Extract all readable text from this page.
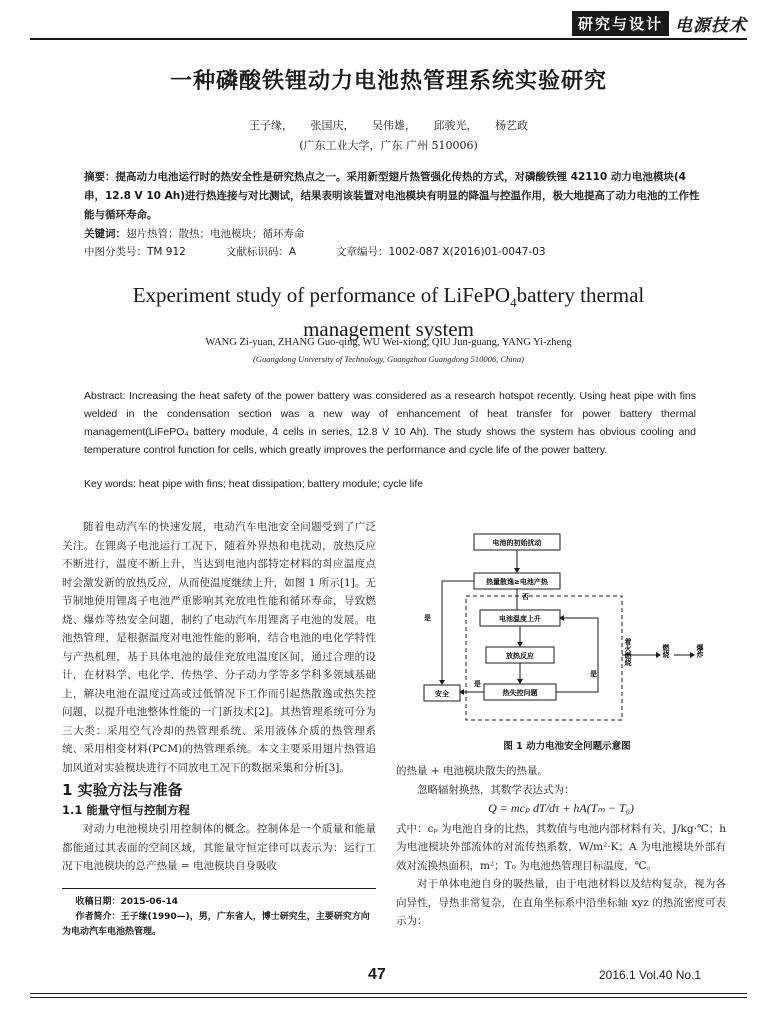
研究与设计 电源技术
一种磷酸铁锂动力电池热管理系统实验研究
王子缘， 张国庆， 吴伟雄， 邱骏光， 杨艺政
(广东工业大学，广东 广州 510006)
摘要：提高动力电池运行时的热安全性是研究热点之一。采用新型翅片热管强化传热的方式，对磷酸铁锂 42110 动力电池模块(4 串，12.8 V 10 Ah)进行热连接与对比测试，结果表明该装置对电池模块有明显的降温与控温作用，极大地提高了动力电池的工作性能与循环寿命。
关键词：翅片热管；散热；电池模块；循环寿命
中图分类号：TM 912	文献标识码：A	文章编号：1002-087 X(2016)01-0047-03
Experiment study of performance of LiFePO$_4$battery thermal
management system
WANG Zi-yuan, ZHANG Guo-qing, WU Wei-xiong, QIU Jun-guang, YANG Yi-zheng
(Guangdong University of Technology, Guangzhou Guangdong 510006, China)
Abstract: Increasing the heat safety of the power battery was considered as a research hotspot recently. Using heat pipe with fins welded in the condensation section was a new way of enhancement of heat transfer for power battery thermal management(LiFePO₄ battery module, 4 cells in series, 12.8 V 10 Ah). The study shows the system has obvious cooling and temperature control function for cells, which greatly improves the performance and cycle life of the power battery.
Key words: heat pipe with fins; heat dissipation; battery module; cycle life

随着电动汽车的快速发展，电动汽车电池安全问题受到了广泛关注。在锂离子电池运行工况下，随着外界热和电扰动，放热反应不断进行，温度不断上升，当达到电池内部特定材料的희应温度点时会激发新的放热反应，从而使温度继续上升，如图 1 所示[1]。无节制地使用锂离子电池严重影响其充放电性能和循环寿命，导致燃烧、爆炸等热安全问题，制约了电动汽车用锂离子电池的发展。电池热管理，是根据温度对电池性能的影响，结合电池的电化学特性与产热机理，基于具体电池的最佳充放电温度区间，通过合理的设计，在材料学、电化学、传热学、分子动力学等多学科多领域基础上，解决电池在温度过高或过低情况下工作而引起热散逸或热失控问题，以提升电池整体性能的一门新技术[2]。其热管理系统可分为三大类：采用空气冷却的热管理系统、采用液体介质的热管理系统、采用相变材料(PCM)的热管理系统。本文主要采用翅片热管追加风道对实验模块进行不同放电工况下的数据采集和分析[3]。

1 实验方法与准备
1.1 能量守恒与控制方程

对动力电池模块引用控制体的概念。控制体是一个质量和能量都能通过其表面的空间区域，其能量守恒定律可以表示为：运行工况下电池模块的总产热量 = 电池模块自身吸收

收稿日期：2015-06-14
作者简介：王子缘(1990—)，男，广东省人，博士研究生，主要研究方向为电动汽车电池热管理。
电池的初始扰动
热量散逸≥电池产热
否
电池温度上升
放热反应
热失控问题
是
是
安全
是
着火燃烧	燃烧	爆炸
图 1 动力电池安全问题示意图

的热量 + 电池模块散失的热量。

忽略辐射换热，其数学表达式为：

Q = mcₚ dT/dτ + hA(Tₘ − T₀)

式中：cₚ 为电池自身的比热，其数值与电池内部材料有关，J/kg·℃；h 为电池模块外部流体的对流传热系数，W/m²·K；A 为电池模块外部有效对流换热面积，m²；T₀ 为电池热管理目标温度，℃。

对于单体电池自身的吸热量，由于电池材料以及结构复杂，视为各向异性，导热非常复杂，在直角坐标系中沿坐标轴 xyz 的热流密度可表示为：

47	2016.1 Vol.40 No.1
